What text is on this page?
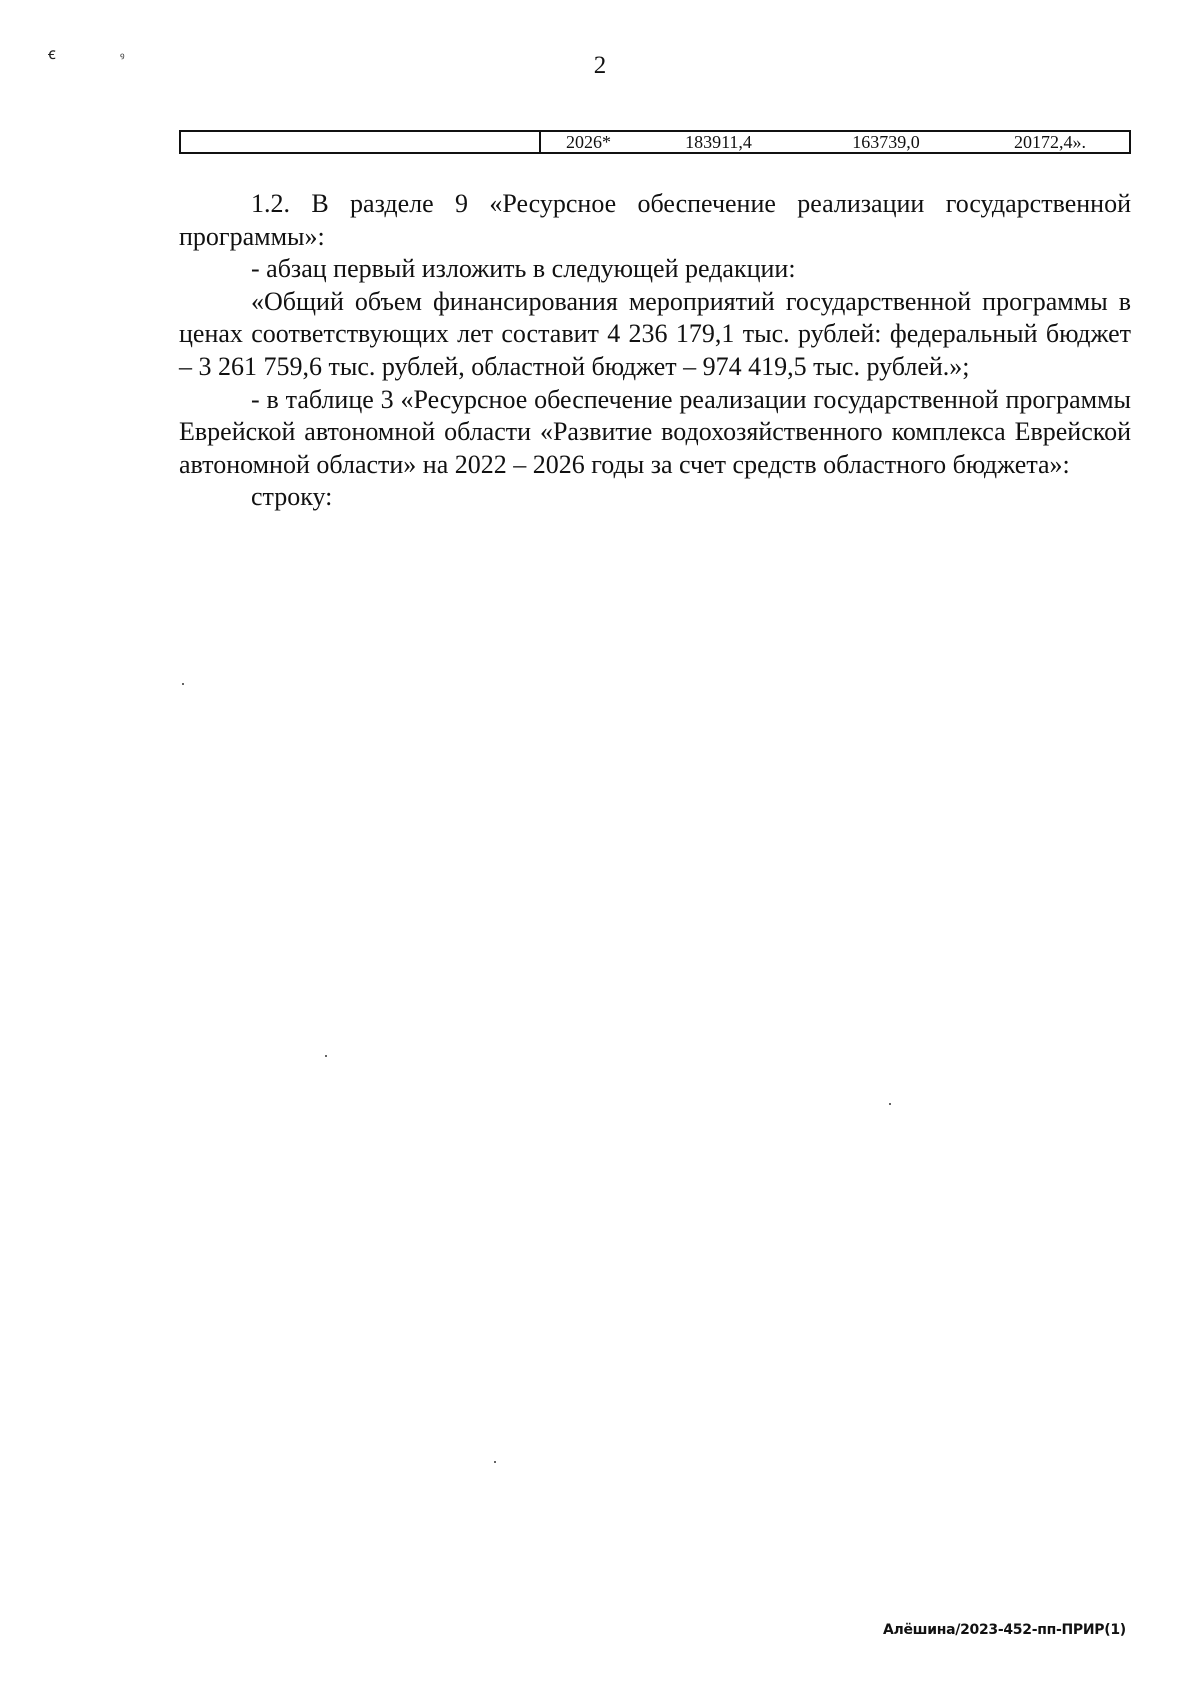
ꞓ	ꝰ	2
2026*	183911,4	163739,0	20172,4».

1.2. В разделе 9 «Ресурсное обеспечение реализации государственной программы»:

- абзац первый изложить в следующей редакции:

«Общий объем финансирования мероприятий государственной программы в ценах соответствующих лет составит 4 236 179,1 тыс. рублей: федеральный бюджет – 3 261 759,6 тыс. рублей, областной бюджет – 974 419,5 тыс. рублей.»;

- в таблице 3 «Ресурсное обеспечение реализации государственной программы Еврейской автономной области «Развитие водохозяйственного комплекса Еврейской автономной области» на 2022 – 2026 годы за счет средств областного бюджета»:

строку:

Алёшина/2023-452-пп-ПРИР(1)
